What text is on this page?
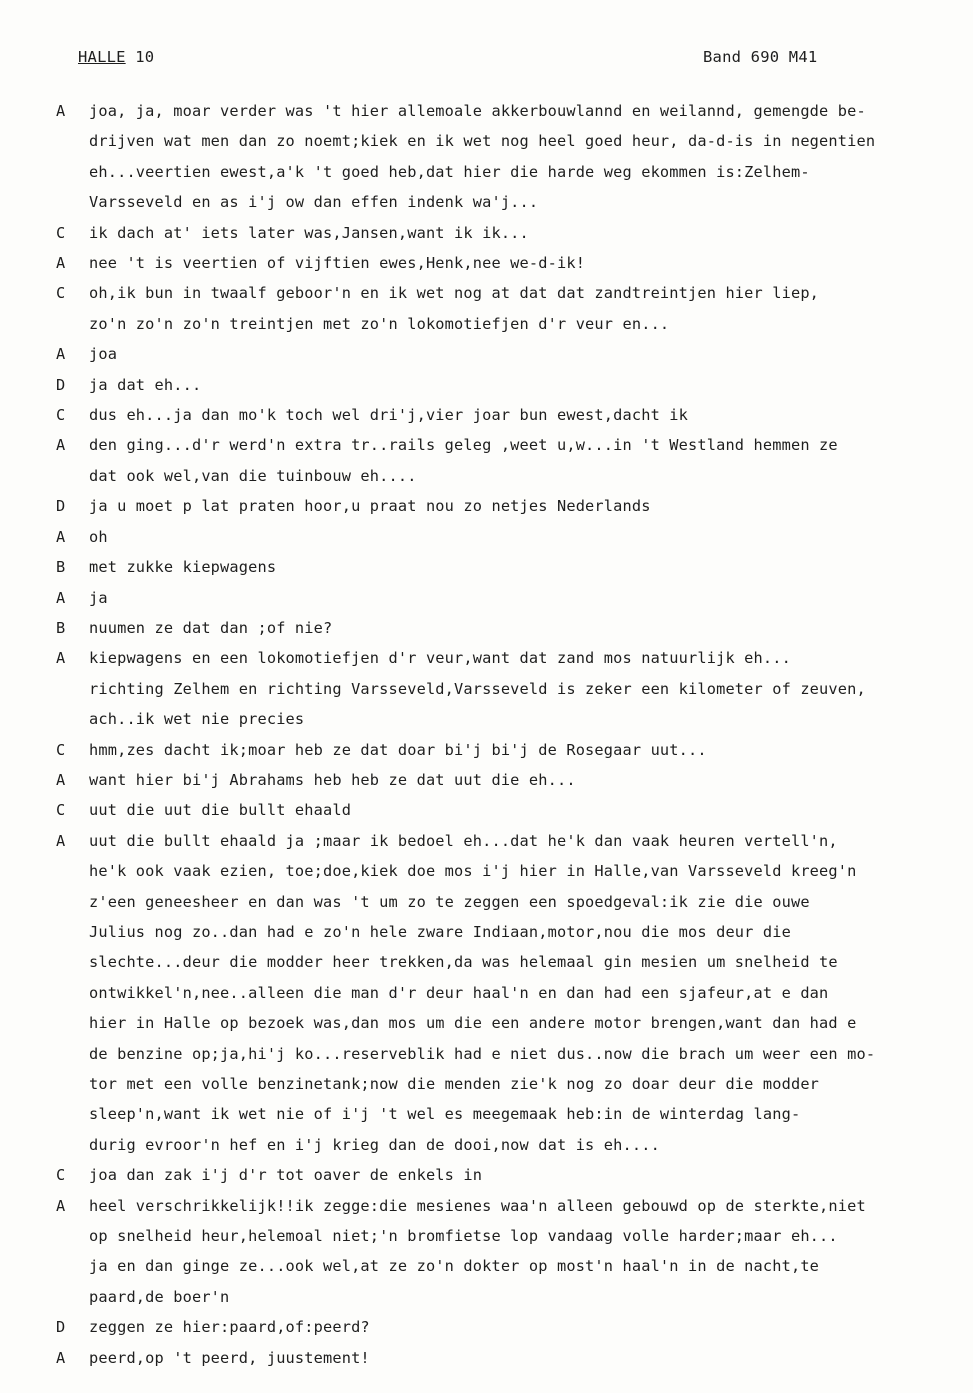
HALLE 10	Band 690 M41
A	joa, ja, moar verder was 't hier allemoale akkerbouwlannd en weilannd, gemengde be-
drijven wat men dan zo noemt;kiek en ik wet nog heel goed heur, da-d-is in negentien
eh...veertien ewest,a'k 't goed heb,dat hier die harde weg ekommen is:Zelhem-
Varsseveld en as i'j ow dan effen indenk wa'j...
C	ik dach at' iets later was,Jansen,want ik ik...
A	nee 't is veertien of vijftien ewes,Henk,nee we-d-ik!
C	oh,ik bun in twaalf geboor'n en ik wet nog at dat dat zandtreintjen hier liep,
zo'n zo'n zo'n treintjen met zo'n lokomotiefjen d'r veur en...
A	joa
D	ja dat eh...
C	dus eh...ja dan mo'k toch wel dri'j,vier joar bun ewest,dacht ik
A	den ging...d'r werd'n extra tr..rails geleg ,weet u,w...in 't Westland hemmen ze
dat ook wel,van die tuinbouw eh....
D	ja u moet p lat praten hoor,u praat nou zo netjes Nederlands
A	oh
B	met zukke kiepwagens
A	ja
B	nuumen ze dat dan ;of nie?
A	kiepwagens en een lokomotiefjen d'r veur,want dat zand mos natuurlijk eh...
richting Zelhem en richting Varsseveld,Varsseveld is zeker een kilometer of zeuven,
ach..ik wet nie precies
C	hmm,zes dacht ik;moar heb ze dat doar bi'j bi'j de Rosegaar uut...
A	want hier bi'j Abrahams heb heb ze dat uut die eh...
C	uut die uut die bullt ehaald
A	uut die bullt ehaald ja ;maar ik bedoel eh...dat he'k dan vaak heuren vertell'n,
he'k ook vaak ezien, toe;doe,kiek doe mos i'j hier in Halle,van Varsseveld kreeg'n
z'een geneesheer en dan was 't um zo te zeggen een spoedgeval:ik zie die ouwe
Julius nog zo..dan had e zo'n hele zware Indiaan,motor,nou die mos deur die
slechte...deur die modder heer trekken,da was helemaal gin mesien um snelheid te
ontwikkel'n,nee..alleen die man d'r deur haal'n en dan had een sjafeur,at e dan
hier in Halle op bezoek was,dan mos um die een andere motor brengen,want dan had e
de benzine op;ja,hi'j ko...reserveblik had e niet dus..now die brach um weer een mo-
tor met een volle benzinetank;now die menden zie'k nog zo doar deur die modder
sleep'n,want ik wet nie of i'j 't wel es meegemaak heb:in de winterdag lang-
durig evroor'n hef en i'j krieg dan de dooi,now dat is eh....
C	joa dan zak i'j d'r tot oaver de enkels in
A	heel verschrikkelijk!!ik zegge:die mesienes waa'n alleen gebouwd op de sterkte,niet
op snelheid heur,helemoal niet;'n bromfietse lop vandaag volle harder;maar eh...
ja en dan ginge ze...ook wel,at ze zo'n dokter op most'n haal'n in de nacht,te
paard,de boer'n
D	zeggen ze hier:paard,of:peerd?
A	peerd,op 't peerd, juustement!
